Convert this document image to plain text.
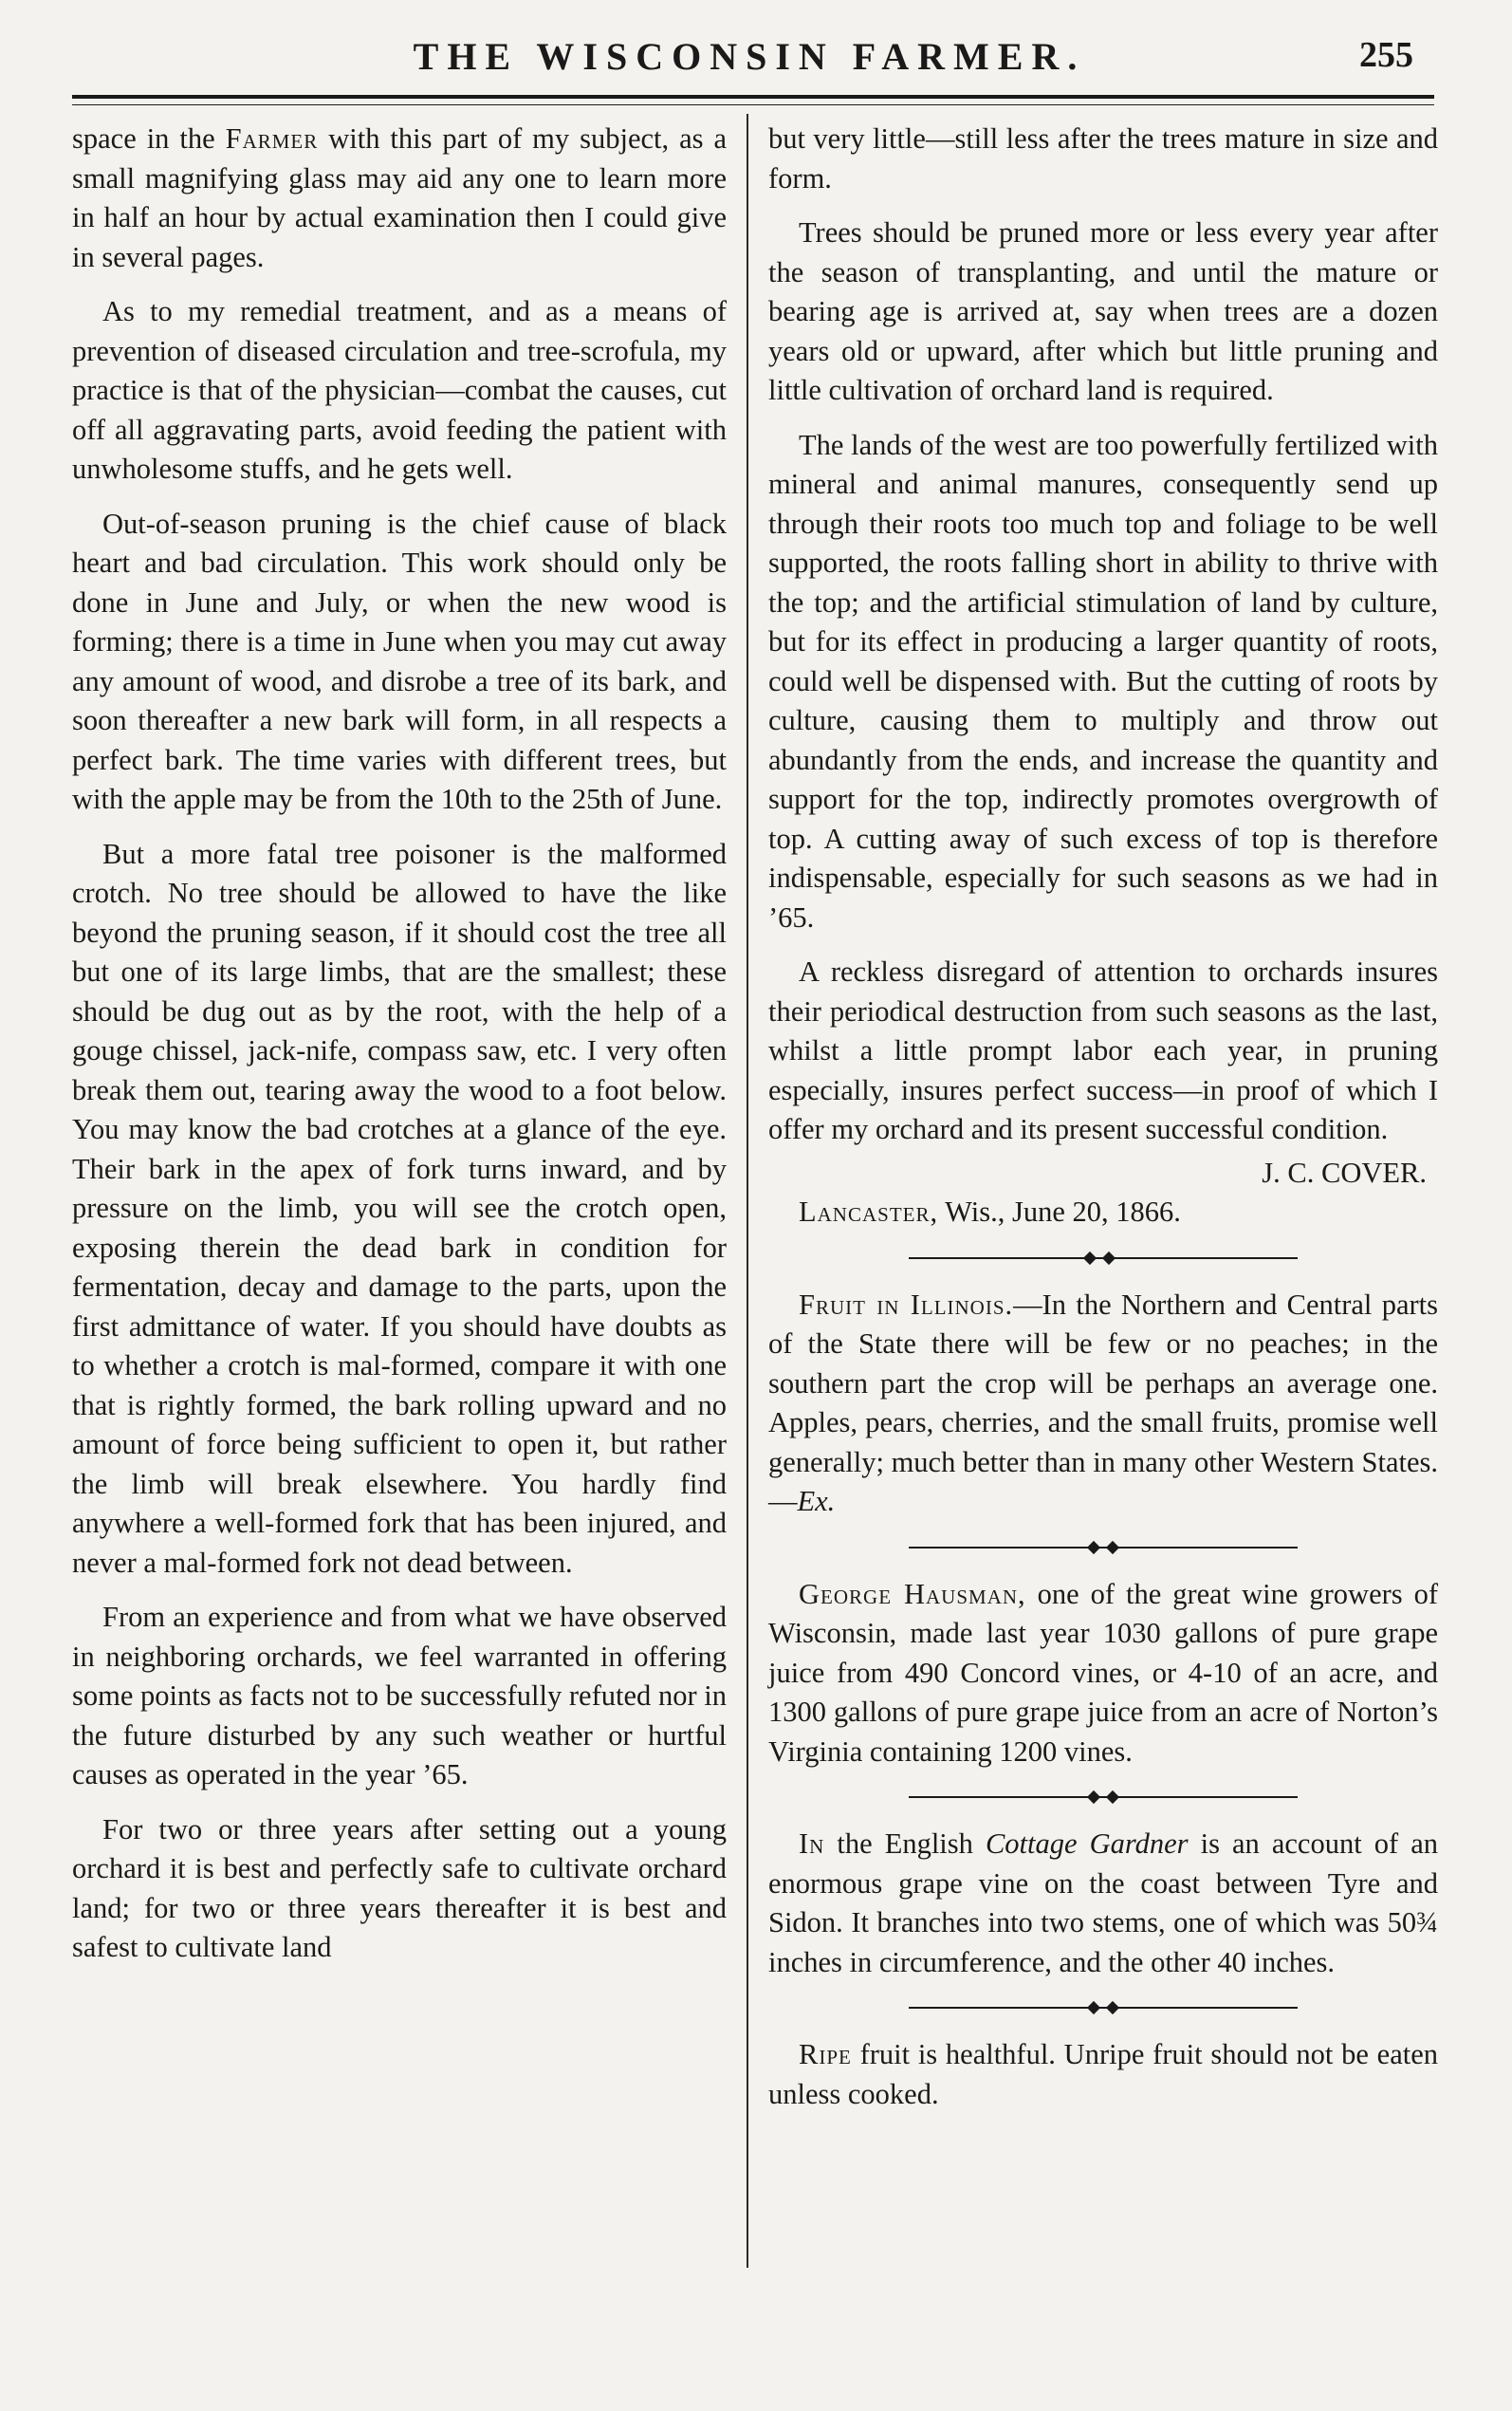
THE WISCONSIN FARMER.	255

space in the Farmer with this part of my subject, as a small magnifying glass may aid any one to learn more in half an hour by actual examination then I could give in several pages.

As to my remedial treatment, and as a means of prevention of diseased circulation and tree-scrofula, my practice is that of the physician—combat the causes, cut off all aggravating parts, avoid feeding the patient with unwholesome stuffs, and he gets well.

Out-of-season pruning is the chief cause of black heart and bad circulation. This work should only be done in June and July, or when the new wood is forming; there is a time in June when you may cut away any amount of wood, and disrobe a tree of its bark, and soon thereafter a new bark will form, in all respects a perfect bark. The time varies with different trees, but with the apple may be from the 10th to the 25th of June.

But a more fatal tree poisoner is the malformed crotch. No tree should be allowed to have the like beyond the pruning season, if it should cost the tree all but one of its large limbs, that are the smallest; these should be dug out as by the root, with the help of a gouge chissel, jack-nife, compass saw, etc. I very often break them out, tearing away the wood to a foot below. You may know the bad crotches at a glance of the eye. Their bark in the apex of fork turns inward, and by pressure on the limb, you will see the crotch open, exposing therein the dead bark in condition for fermentation, decay and damage to the parts, upon the first admittance of water. If you should have doubts as to whether a crotch is mal-formed, compare it with one that is rightly formed, the bark rolling upward and no amount of force being sufficient to open it, but rather the limb will break elsewhere. You hardly find anywhere a well-formed fork that has been injured, and never a mal-formed fork not dead between.

From an experience and from what we have observed in neighboring orchards, we feel warranted in offering some points as facts not to be successfully refuted nor in the future disturbed by any such weather or hurtful causes as operated in the year ’65.

For two or three years after setting out a young orchard it is best and perfectly safe to cultivate orchard land; for two or three years thereafter it is best and safest to cultivate land

but very little—still less after the trees mature in size and form.

Trees should be pruned more or less every year after the season of transplanting, and until the mature or bearing age is arrived at, say when trees are a dozen years old or upward, after which but little pruning and little cultivation of orchard land is required.

The lands of the west are too powerfully fertilized with mineral and animal manures, consequently send up through their roots too much top and foliage to be well supported, the roots falling short in ability to thrive with the top; and the artificial stimulation of land by culture, but for its effect in producing a larger quantity of roots, could well be dispensed with. But the cutting of roots by culture, causing them to multiply and throw out abundantly from the ends, and increase the quantity and support for the top, indirectly promotes overgrowth of top. A cutting away of such excess of top is therefore indispensable, especially for such seasons as we had in ’65.

A reckless disregard of attention to orchards insures their periodical destruction from such seasons as the last, whilst a little prompt labor each year, in pruning especially, insures perfect success—in proof of which I offer my orchard and its present successful condition.

J. C. COVER.
Lancaster, Wis., June 20, 1866.

Fruit in Illinois.—In the Northern and Central parts of the State there will be few or no peaches; in the southern part the crop will be perhaps an average one. Apples, pears, cherries, and the small fruits, promise well generally; much better than in many other Western States.—Ex.

George Hausman, one of the great wine growers of Wisconsin, made last year 1030 gallons of pure grape juice from 490 Concord vines, or 4-10 of an acre, and 1300 gallons of pure grape juice from an acre of Norton’s Virginia containing 1200 vines.

In the English Cottage Gardner is an account of an enormous grape vine on the coast between Tyre and Sidon. It branches into two stems, one of which was 50¾ inches in circumference, and the other 40 inches.

Ripe fruit is healthful. Unripe fruit should not be eaten unless cooked.
